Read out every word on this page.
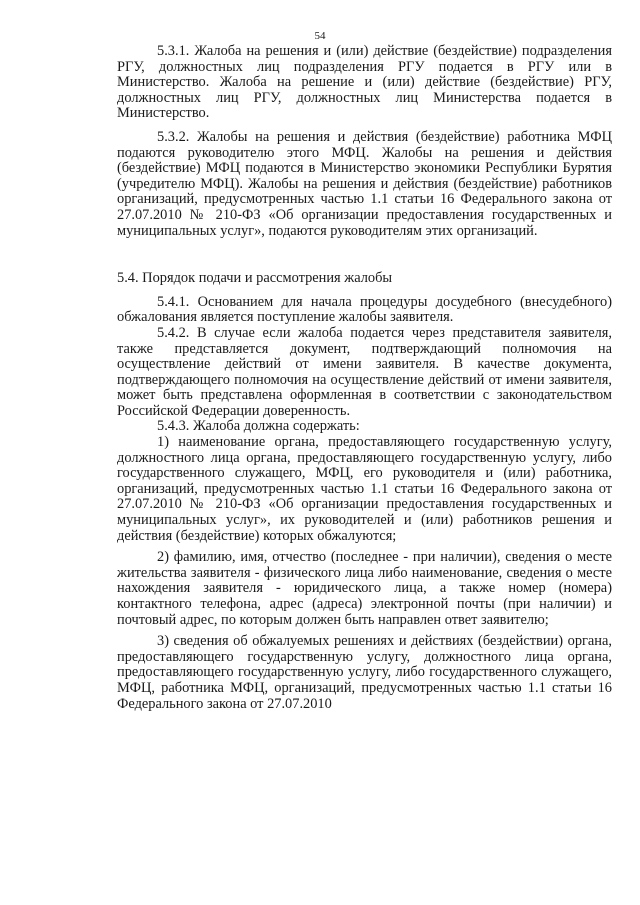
54

5.3.1. Жалоба на решения и (или) действие (бездействие) подразделения РГУ, должностных лиц подразделения РГУ подается в РГУ или в Министерство. Жалоба на решение и (или) действие (бездействие) РГУ, должностных лиц РГУ, должностных лиц Министерства подается в Министерство.

5.3.2. Жалобы на решения и действия (бездействие) работника МФЦ подаются руководителю этого МФЦ. Жалобы на решения и действия (бездействие) МФЦ подаются в Министерство экономики Республики Бурятия (учредителю МФЦ). Жалобы на решения и действия (бездействие) работников организаций, предусмотренных частью 1.1 статьи 16 Федерального закона от 27.07.2010 № 210-ФЗ «Об организации предоставления государственных и муниципальных услуг», подаются руководителям этих организаций.

5.4. Порядок подачи и рассмотрения жалобы

5.4.1. Основанием для начала процедуры досудебного (внесудебного) обжалования является поступление жалобы заявителя.

5.4.2. В случае если жалоба подается через представителя заявителя, также представляется документ, подтверждающий полномочия на осуществление действий от имени заявителя. В качестве документа, подтверждающего полномочия на осуществление действий от имени заявителя, может быть представлена оформленная в соответствии с законодательством Российской Федерации доверенность.

5.4.3. Жалоба должна содержать:

1) наименование органа, предоставляющего государственную услугу, должностного лица органа, предоставляющего государственную услугу, либо государственного служащего, МФЦ, его руководителя и (или) работника, организаций, предусмотренных частью 1.1 статьи 16 Федерального закона от 27.07.2010 № 210-ФЗ «Об организации предоставления государственных и муниципальных услуг», их руководителей и (или) работников решения и действия (бездействие) которых обжалуются;

2) фамилию, имя, отчество (последнее - при наличии), сведения о месте жительства заявителя - физического лица либо наименование, сведения о месте нахождения заявителя - юридического лица, а также номер (номера) контактного телефона, адрес (адреса) электронной почты (при наличии) и почтовый адрес, по которым должен быть направлен ответ заявителю;

3) сведения об обжалуемых решениях и действиях (бездействии) органа, предоставляющего государственную услугу, должностного лица органа, предоставляющего государственную услугу, либо государственного служащего, МФЦ, работника МФЦ, организаций, предусмотренных частью 1.1 статьи 16 Федерального закона от 27.07.2010
